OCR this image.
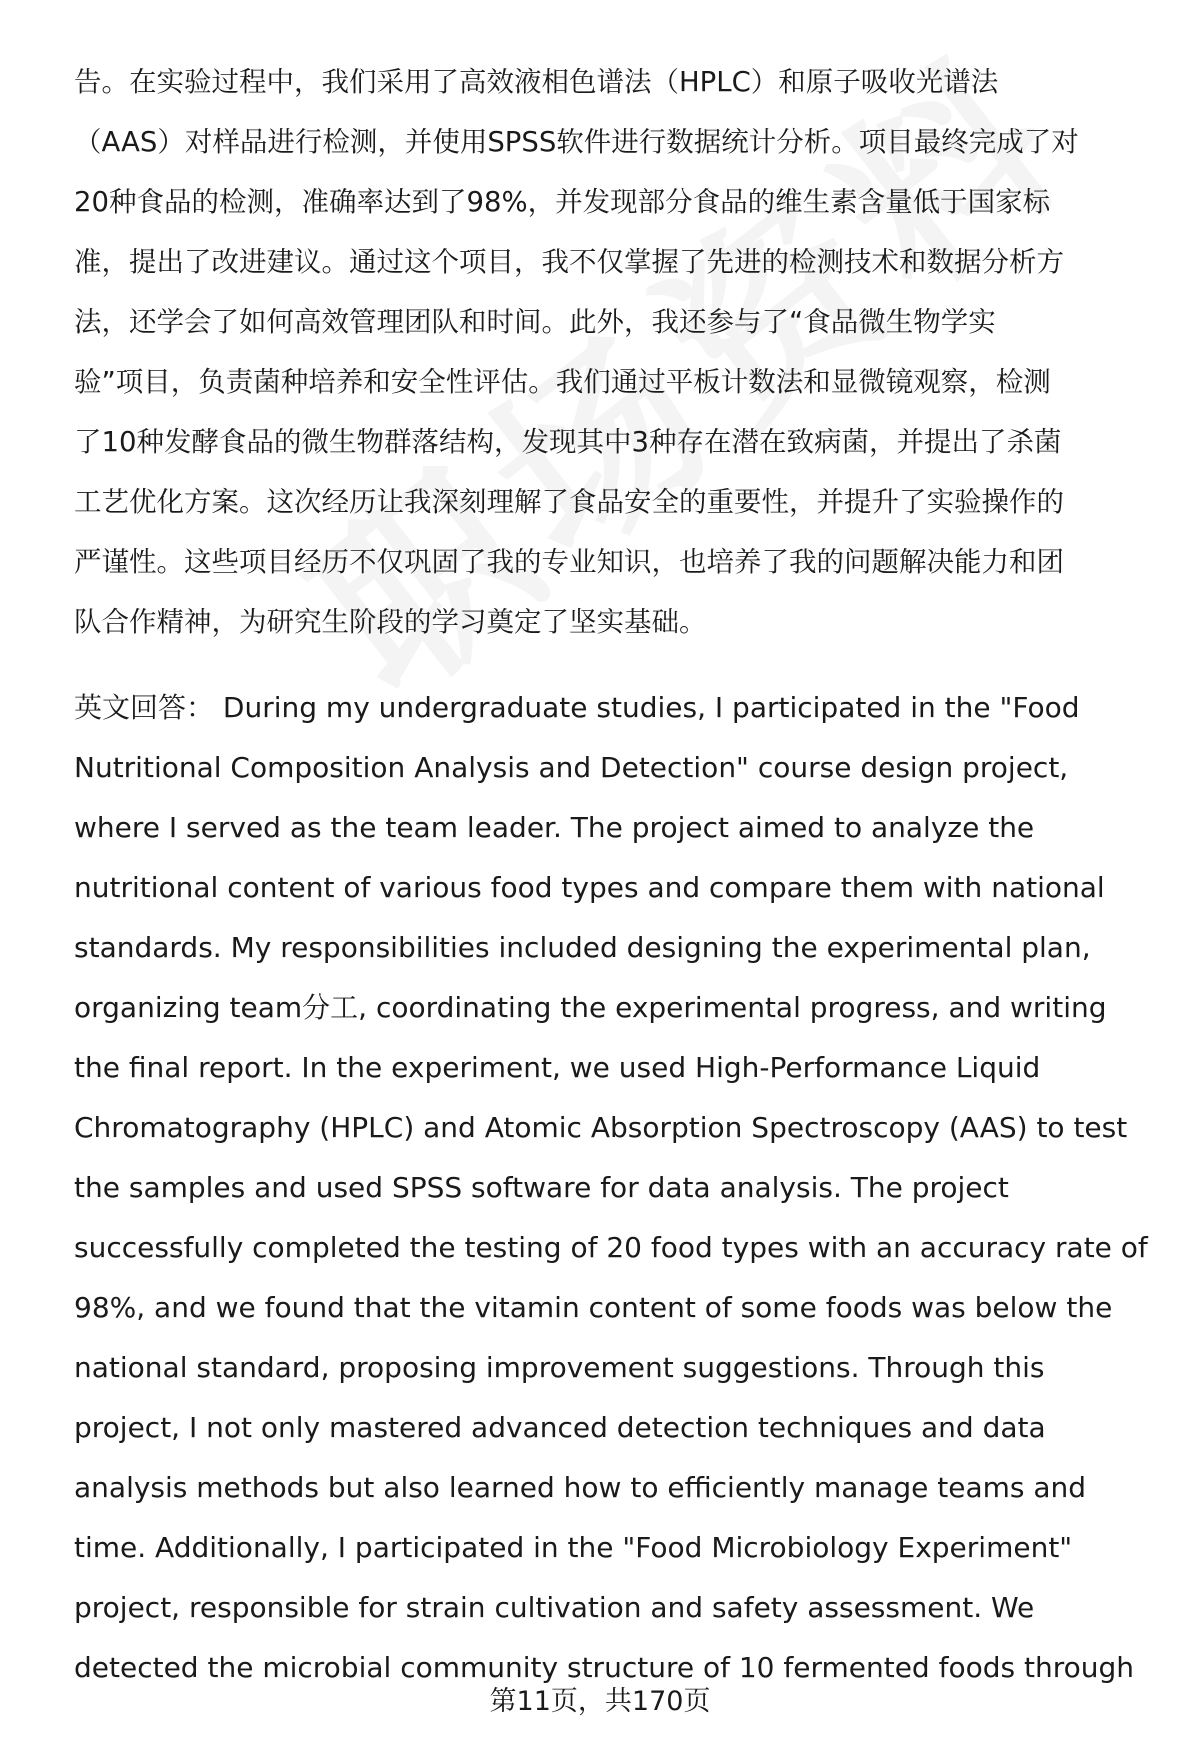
告。在实验过程中，我们采用了高效液相色谱法（HPLC）和原子吸收光谱法
（AAS）对样品进行检测，并使用SPSS软件进行数据统计分析。项目最终完成了对
20种食品的检测，准确率达到了98%，并发现部分食品的维生素含量低于国家标
准，提出了改进建议。通过这个项目，我不仅掌握了先进的检测技术和数据分析方
法，还学会了如何高效管理团队和时间。此外，我还参与了“食品微生物学实
验”项目，负责菌种培养和安全性评估。我们通过平板计数法和显微镜观察，检测
了10种发酵食品的微生物群落结构，发现其中3种存在潜在致病菌，并提出了杀菌
工艺优化方案。这次经历让我深刻理解了食品安全的重要性，并提升了实验操作的
严谨性。这些项目经历不仅巩固了我的专业知识，也培养了我的问题解决能力和团
队合作精神，为研究生阶段的学习奠定了坚实基础。
英文回答： During my undergraduate studies, I participated in the "Food
Nutritional Composition Analysis and Detection" course design project,
where I served as the team leader. The project aimed to analyze the
nutritional content of various food types and compare them with national
standards. My responsibilities included designing the experimental plan,
organizing team分工, coordinating the experimental progress, and writing
the final report. In the experiment, we used High-Performance Liquid
Chromatography (HPLC) and Atomic Absorption Spectroscopy (AAS) to test
the samples and used SPSS software for data analysis. The project
successfully completed the testing of 20 food types with an accuracy rate of
98%, and we found that the vitamin content of some foods was below the
national standard, proposing improvement suggestions. Through this
project, I not only mastered advanced detection techniques and data
analysis methods but also learned how to efficiently manage teams and
time. Additionally, I participated in the "Food Microbiology Experiment"
project, responsible for strain cultivation and safety assessment. We
detected the microbial community structure of 10 fermented foods through
第11页，共170页
